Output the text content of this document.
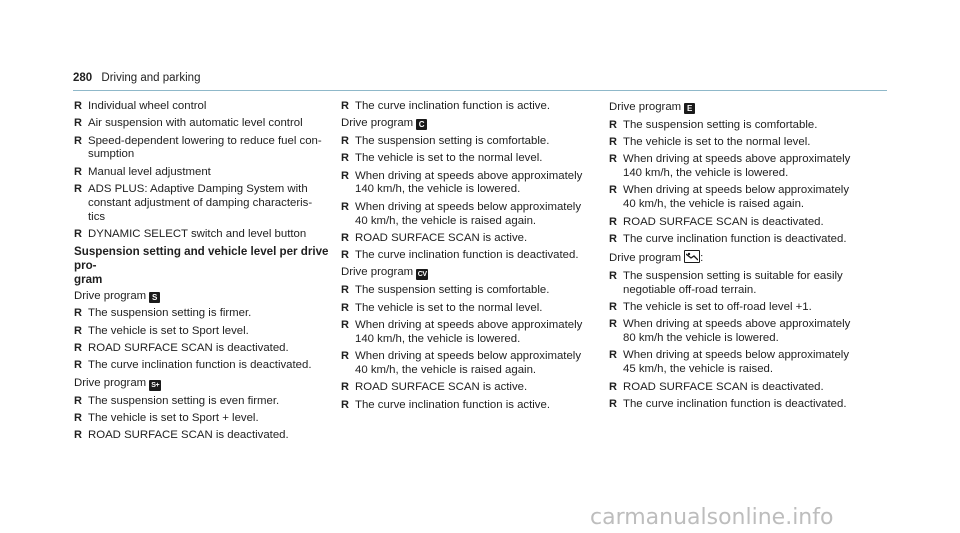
280 Driving and parking
R Individual wheel control
R Air suspension with automatic level control
R Speed-dependent lowering to reduce fuel con-
sumption
R Manual level adjustment
R ADS PLUS: Adaptive Damping System with
constant adjustment of damping characteris-
tics
R DYNAMIC SELECT switch and level button
Suspension setting and vehicle level per drive pro-
gram
Drive program S
R The suspension setting is firmer.
R The vehicle is set to Sport level.
R ROAD SURFACE SCAN is deactivated.
R The curve inclination function is deactivated.
Drive program S+
R The suspension setting is even firmer.
R The vehicle is set to Sport + level.
R ROAD SURFACE SCAN is deactivated.
R The curve inclination function is active.
Drive program C
R The suspension setting is comfortable.
R The vehicle is set to the normal level.
R When driving at speeds above approximately
140 km/h, the vehicle is lowered.
R When driving at speeds below approximately
40 km/h, the vehicle is raised again.
R ROAD SURFACE SCAN is active.
R The curve inclination function is deactivated.
Drive program CV
R The suspension setting is comfortable.
R The vehicle is set to the normal level.
R When driving at speeds above approximately
140 km/h, the vehicle is lowered.
R When driving at speeds below approximately
40 km/h, the vehicle is raised again.
R ROAD SURFACE SCAN is active.
R The curve inclination function is active.
Drive program E
R The suspension setting is comfortable.
R The vehicle is set to the normal level.
R When driving at speeds above approximately
140 km/h, the vehicle is lowered.
R When driving at speeds below approximately
40 km/h, the vehicle is raised again.
R ROAD SURFACE SCAN is deactivated.
R The curve inclination function is deactivated.
Drive program :
R The suspension setting is suitable for easily
negotiable off-road terrain.
R The vehicle is set to off-road level +1.
R When driving at speeds above approximately
80 km/h the vehicle is lowered.
R When driving at speeds below approximately
45 km/h, the vehicle is raised.
R ROAD SURFACE SCAN is deactivated.
R The curve inclination function is deactivated.
carmanualsonline.info
